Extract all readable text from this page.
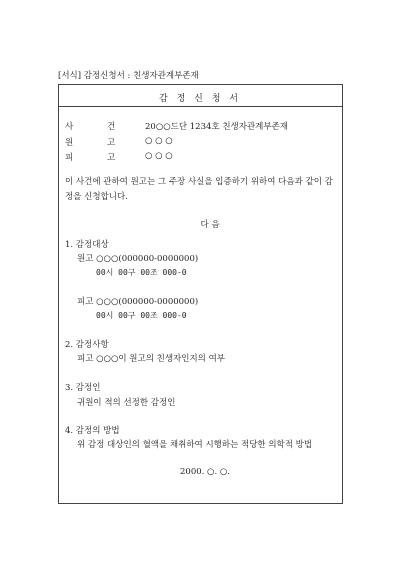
[서식] 감정신청서 : 친생자관계부존재
감 정 신 청 서
사	건	20○○드단 1234호 친생자관계부존재
원	고	○ ○ ○
피	고	○ ○ ○
이 사건에 관하여 원고는 그 주장 사실을 입증하기 위하여 다음과 같이 감정을 신청합니다.
다 음
1. 감정대상
원고 ○○○(000000-0000000)
00시 00구 00조 000-0
피고 ○○○(000000-0000000)
00시 00구 00조 000-0
2. 감정사항
피고 ○○○이 원고의 친생자인지의 여부
3. 감정인
귀원이 적의 선정한 감정인
4. 감정의 방법
위 감정 대상인의 혈액을 채취하여 시행하는 적당한 의학적 방법
2000. ○. ○.
